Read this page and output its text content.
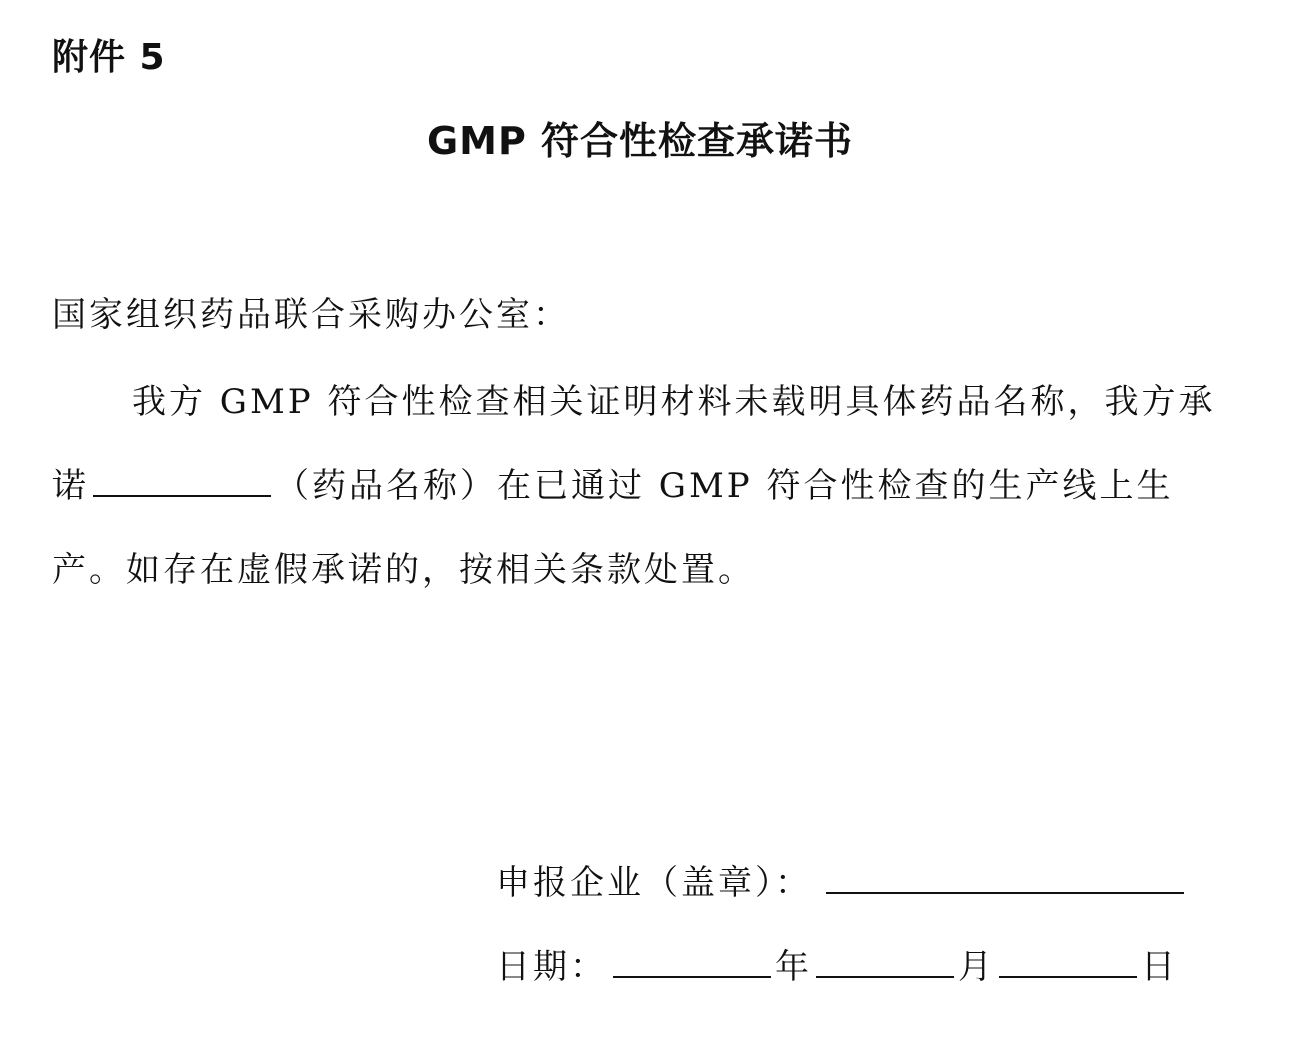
附件 5
GMP 符合性检查承诺书
国家组织药品联合采购办公室：
我方 GMP 符合性检查相关证明材料未载明具体药品名称，我方承诺	（药品名称）在已通过 GMP 符合性检查的生产线上生产。如存在虚假承诺的，按相关条款处置。
申报企业（盖章）：
日期：	年	月	日
